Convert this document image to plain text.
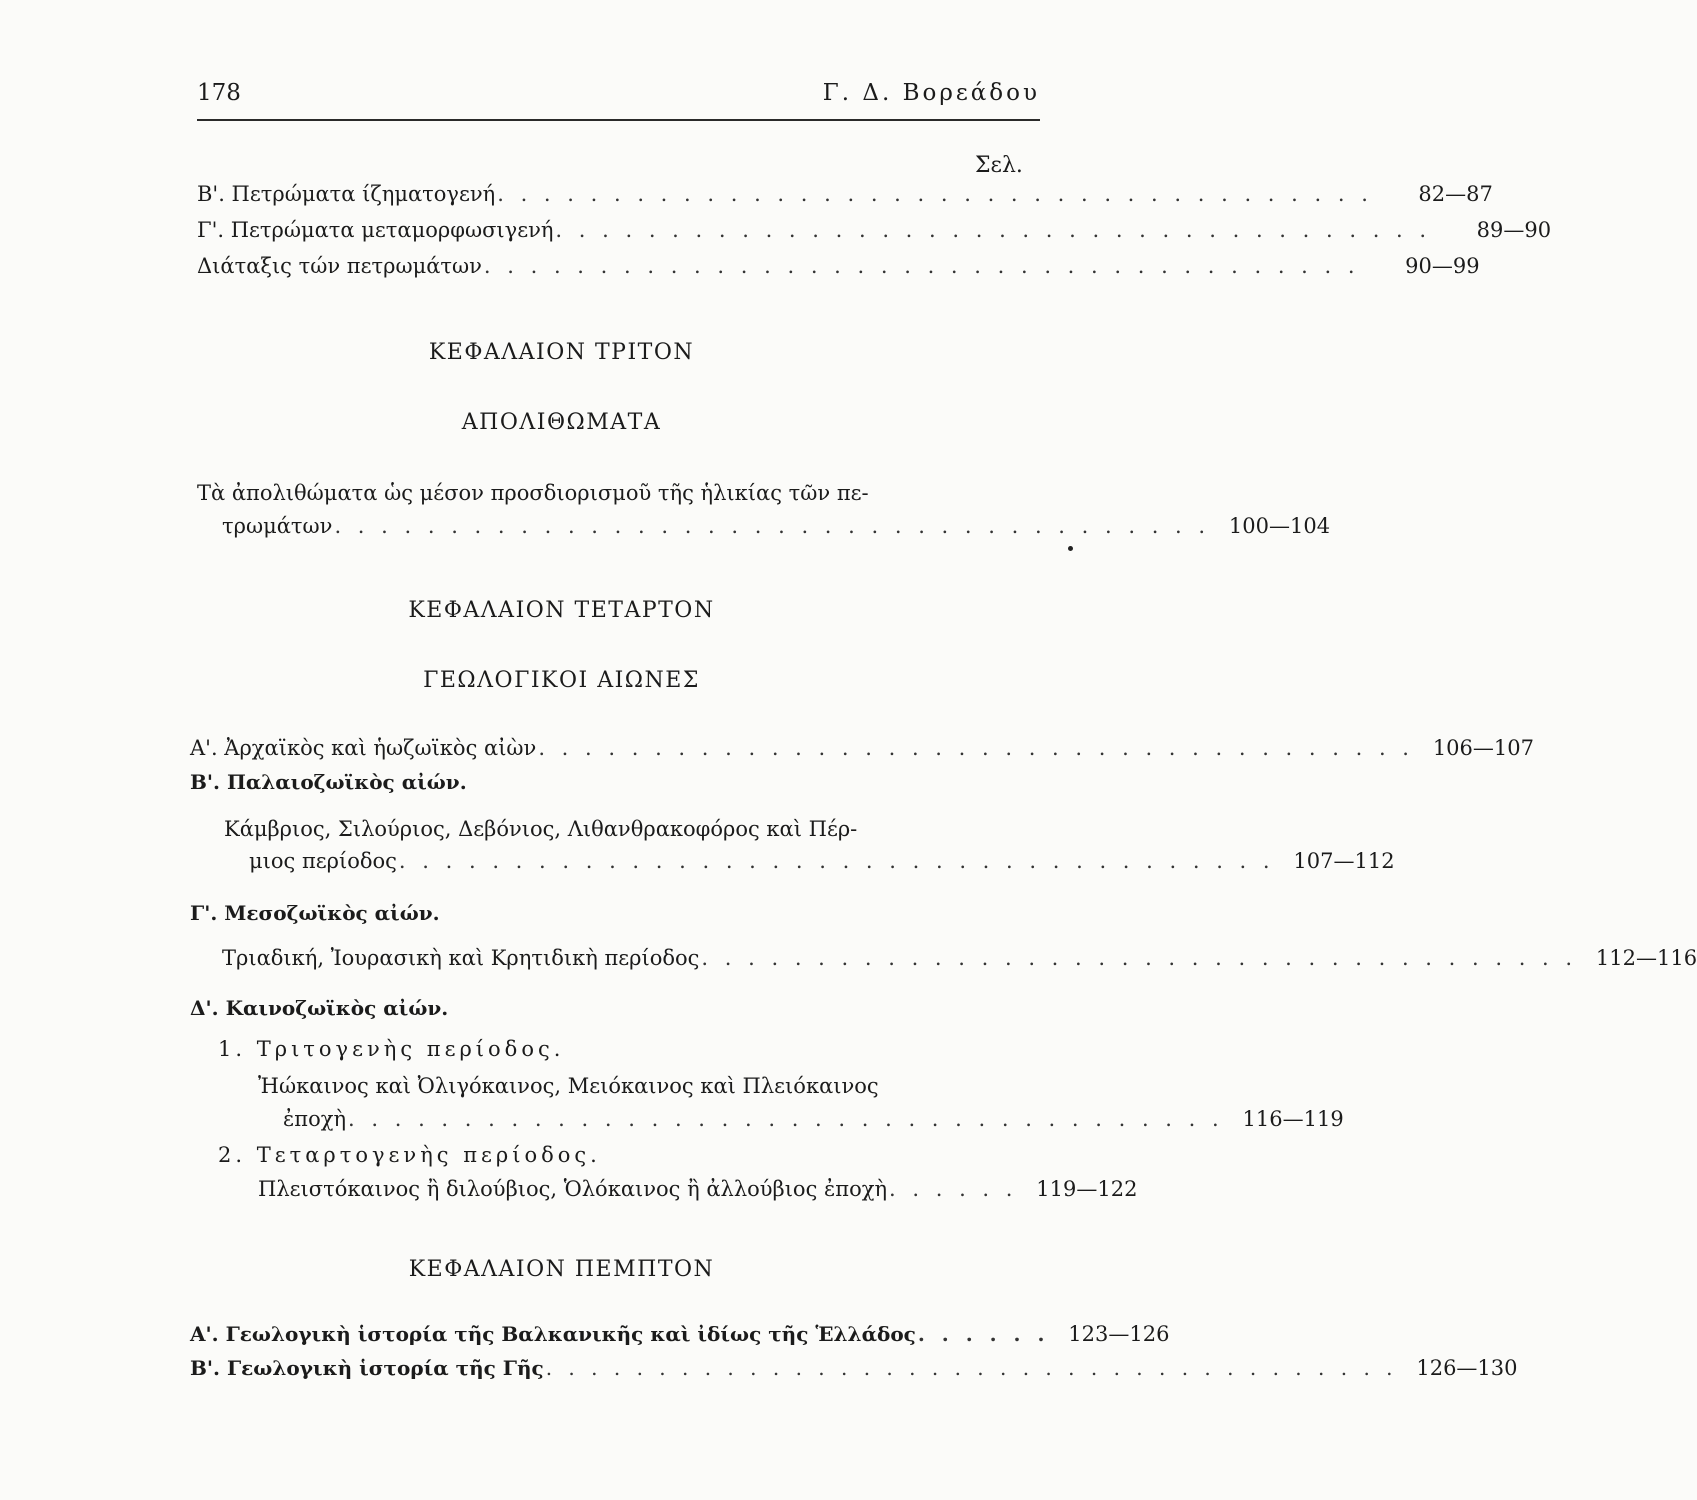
178	Γ. Δ. Βορεάδου
Σελ.
Β'. Πετρώματα ίζηματογενή . . . . . . . . . . . . . . . . . . . . . . . . . . . . . . . . . . . . . .	82—87
Γ'. Πετρώματα μεταμορφωσιγενή . . . . . . . . . . . . . . . . . . . . . . . . . . . . . . . . . . . . . .	89—90
Διάταξις τών πετρωμάτων . . . . . . . . . . . . . . . . . . . . . . . . . . . . . . . . . . . . . .	90—99
ΚΕΦΑΛΑΙΟΝ ΤΡΙΤΟΝ
ΑΠΟΛΙΘΩΜΑΤΑ
Τὰ ἀπολιθώματα ὡς μέσον προσδιορισμοῦ τῆς ἡλικίας τῶν πε-
τρωμάτων . . . . . . . . . . . . . . . . . . . . . . . . . . . . . . . . . . . . . . 100—104
ΚΕΦΑΛΑΙΟΝ ΤΕΤΑΡΤΟΝ
ΓΕΩΛΟΓΙΚΟΙ ΑΙΩΝΕΣ
Α'. Ἀρχαϊκὸς καὶ ἡωζωϊκὸς αἰὼν . . . . . . . . . . . . . . . . . . . . . . . . . . . . . . . . . . . . . . 106—107
Β'. Παλαιοζωϊκὸς αἰών.
Κάμβριος, Σιλούριος, Δεβόνιος, Λιθανθρακοφόρος καὶ Πέρ-
μιος περίοδος . . . . . . . . . . . . . . . . . . . . . . . . . . . . . . . . . . . . . . 107—112
Γ'. Μεσοζωϊκὸς αἰών.
Τριαδική, Ἰουρασικὴ καὶ Κρητιδικὴ περίοδος . . . . . . . . . . . . . . . . . . . . . . . . . . . . . . . . . . . . . . 112—116
Δ'. Καινοζωϊκὸς αἰών.
1. Τριτογενὴς περίοδος.
Ἠώκαινος καὶ Ὀλιγόκαινος, Μειόκαινος καὶ Πλειόκαινος
ἐποχὴ . . . . . . . . . . . . . . . . . . . . . . . . . . . . . . . . . . . . . . 116—119
2. Τεταρτογενὴς περίοδος.
Πλειστόκαινος ἢ διλούβιος, Ὁλόκαινος ἢ ἀλλούβιος ἐποχὴ . . . . . . 119—122
ΚΕΦΑΛΑΙΟΝ ΠΕΜΠΤΟΝ
Α'. Γεωλογικὴ ἱστορία τῆς Βαλκανικῆς καὶ ἰδίως τῆς Ἑλλάδος . . . . . . 123—126
Β'. Γεωλογικὴ ἱστορία τῆς Γῆς . . . . . . . . . . . . . . . . . . . . . . . . . . . . . . . . . . . . . . 126—130
